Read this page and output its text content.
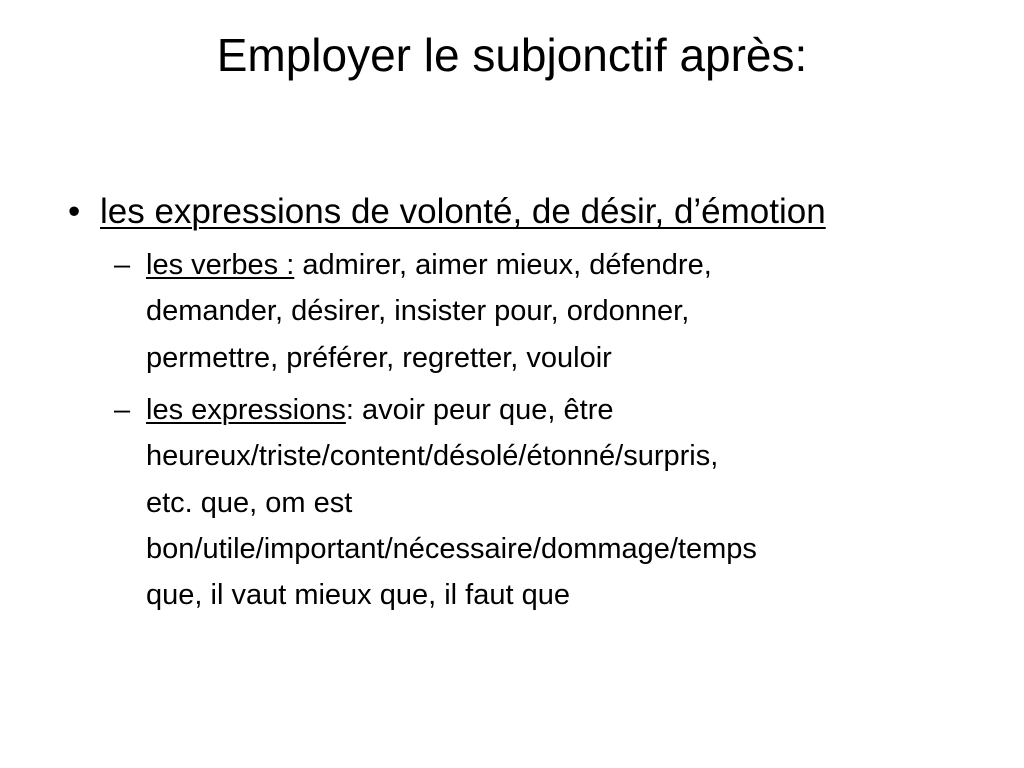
Employer le subjonctif après:
• les expressions de volonté, de désir, d’émotion
– les verbes : admirer, aimer mieux, défendre,
demander, désirer, insister pour, ordonner,
permettre, préférer, regretter, vouloir
– les expressions: avoir peur que, être
heureux/triste/content/désolé/étonné/surpris,
etc. que, om est
bon/utile/important/nécessaire/dommage/temps
que, il vaut mieux que, il faut que
